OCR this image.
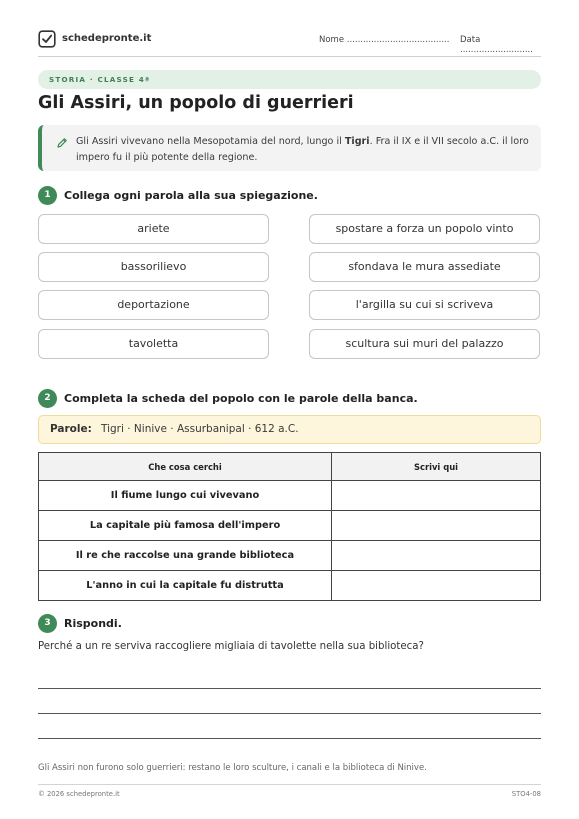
schedepronte.it	Nome ...................................... Data ...........................
STORIA · CLASSE 4ª
Gli Assiri, un popolo di guerrieri
Gli Assiri vivevano nella Mesopotamia del nord, lungo il Tigri. Fra il IX e il VII secolo a.C. il loro impero fu il più potente della regione.
1	Collega ogni parola alla sua spiegazione.
ariete
bassorilievo
deportazione
tavoletta
spostare a forza un popolo vinto
sfondava le mura assediate
l'argilla su cui si scriveva
scultura sui muri del palazzo
2	Completa la scheda del popolo con le parole della banca.
Parole: Tigri · Ninive · Assurbanipal · 612 a.C.
Che cosa cerchi	Scrivi qui
Il fiume lungo cui vivevano	
La capitale più famosa dell'impero	
Il re che raccolse una grande biblioteca	
L'anno in cui la capitale fu distrutta	
3	Rispondi.
Perché a un re serviva raccogliere migliaia di tavolette nella sua biblioteca?
Gli Assiri non furono solo guerrieri: restano le loro sculture, i canali e la biblioteca di Ninive.
© 2026 schedepronte.it	STO4-08
